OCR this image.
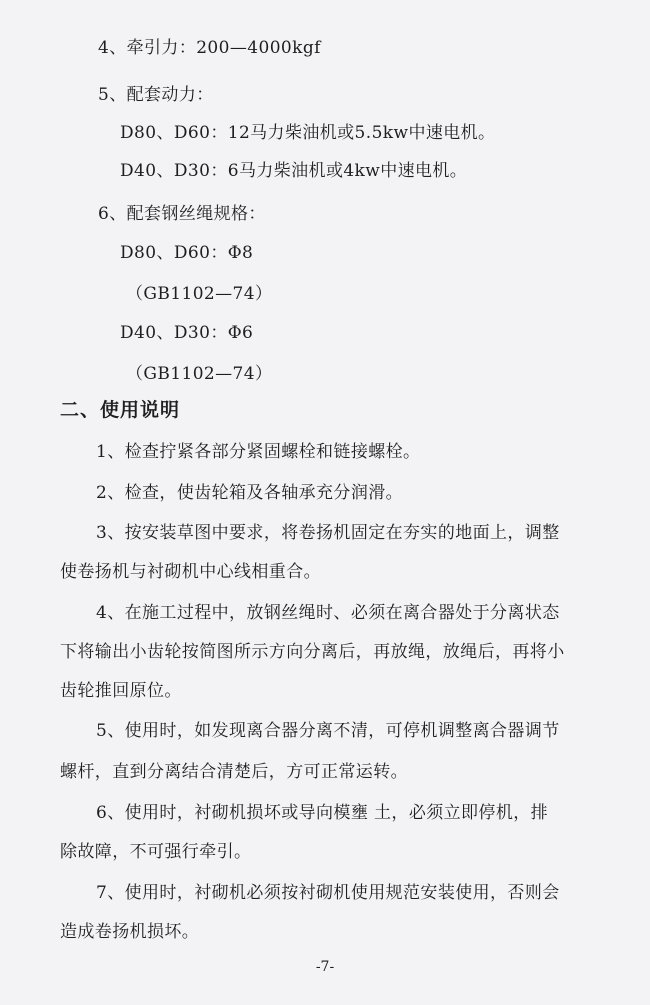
4、牵引力：200—4000kgf
5、配套动力：
D80、D60：12马力柴油机或5.5kw中速电机。
D40、D30：6马力柴油机或4kw中速电机。
6、配套钢丝绳规格：
D80、D60：Φ8
（GB1102—74）
D40、D30：Φ6
（GB1102—74）
二、使用说明
1、检查拧紧各部分紧固螺栓和链接螺栓。
2、检查，使齿轮箱及各轴承充分润滑。
3、按安装草图中要求，将卷扬机固定在夯实的地面上，调整
使卷扬机与衬砌机中心线相重合。
4、在施工过程中，放钢丝绳时、必须在离合器处于分离状态
下将输出小齿轮按简图所示方向分离后，再放绳，放绳后，再将小
齿轮推回原位。
5、使用时，如发现离合器分离不清，可停机调整离合器调节
螺杆，直到分离结合清楚后，方可正常运转。
6、使用时，衬砌机损坏或导向模壅 土，必须立即停机，排
除故障，不可强行牵引。
7、使用时，衬砌机必须按衬砌机使用规范安装使用，否则会
造成卷扬机损坏。
-7-
